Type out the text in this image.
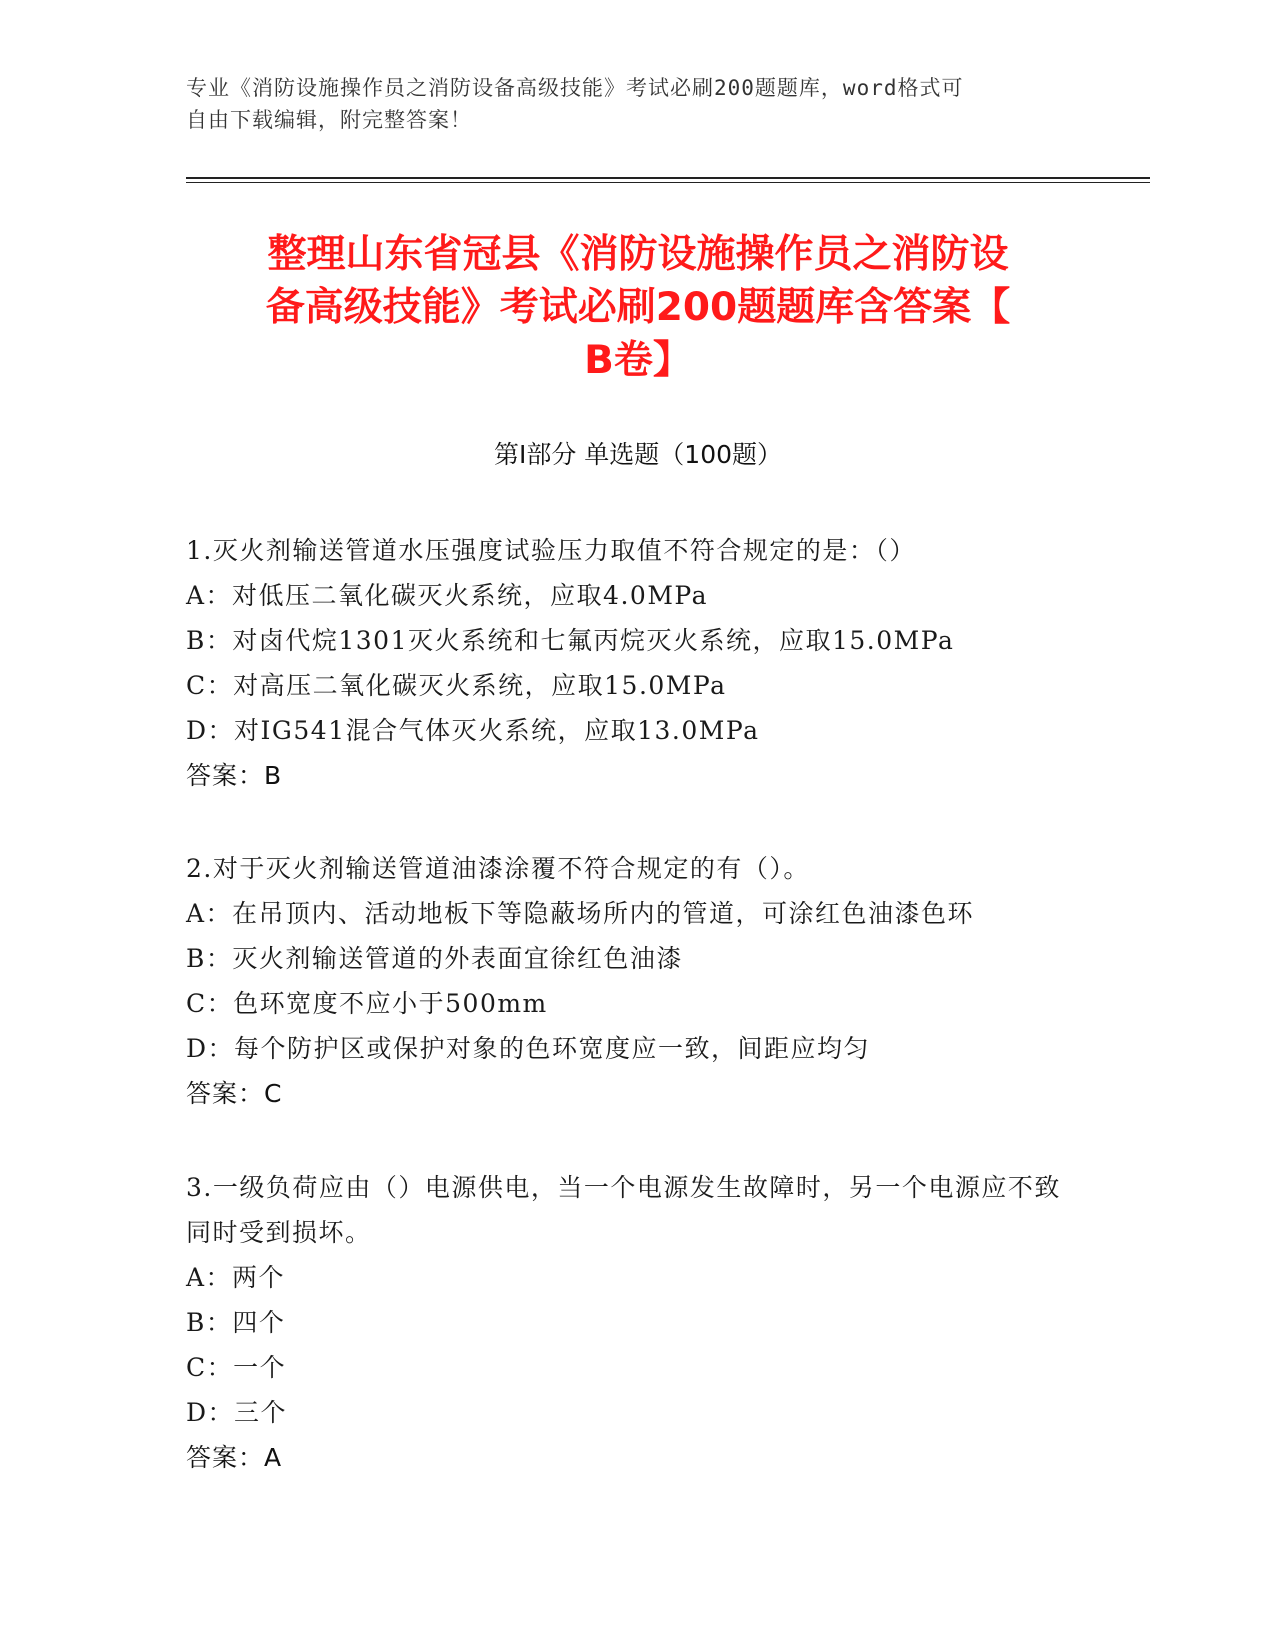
专业《消防设施操作员之消防设备高级技能》考试必刷200题题库，word格式可
自由下载编辑，附完整答案！
整理山东省冠县《消防设施操作员之消防设
备高级技能》考试必刷200题题库含答案【
B卷】
第Ⅰ部分 单选题（100题）
1.灭火剂输送管道水压强度试验压力取值不符合规定的是：（）
A：对低压二氧化碳灭火系统，应取4.0MPa
B：对卤代烷1301灭火系统和七氟丙烷灭火系统，应取15.0MPa
C：对高压二氧化碳灭火系统，应取15.0MPa
D：对IG541混合气体灭火系统，应取13.0MPa
答案：B
2.对于灭火剂输送管道油漆涂覆不符合规定的有（）。
A：在吊顶内、活动地板下等隐蔽场所内的管道，可涂红色油漆色环
B：灭火剂输送管道的外表面宜徐红色油漆
C：色环宽度不应小于500mm
D：每个防护区或保护对象的色环宽度应一致，间距应均匀
答案：C
3.一级负荷应由（）电源供电，当一个电源发生故障时，另一个电源应不致同时受到损坏。
A：两个
B：四个
C：一个
D：三个
答案：A
